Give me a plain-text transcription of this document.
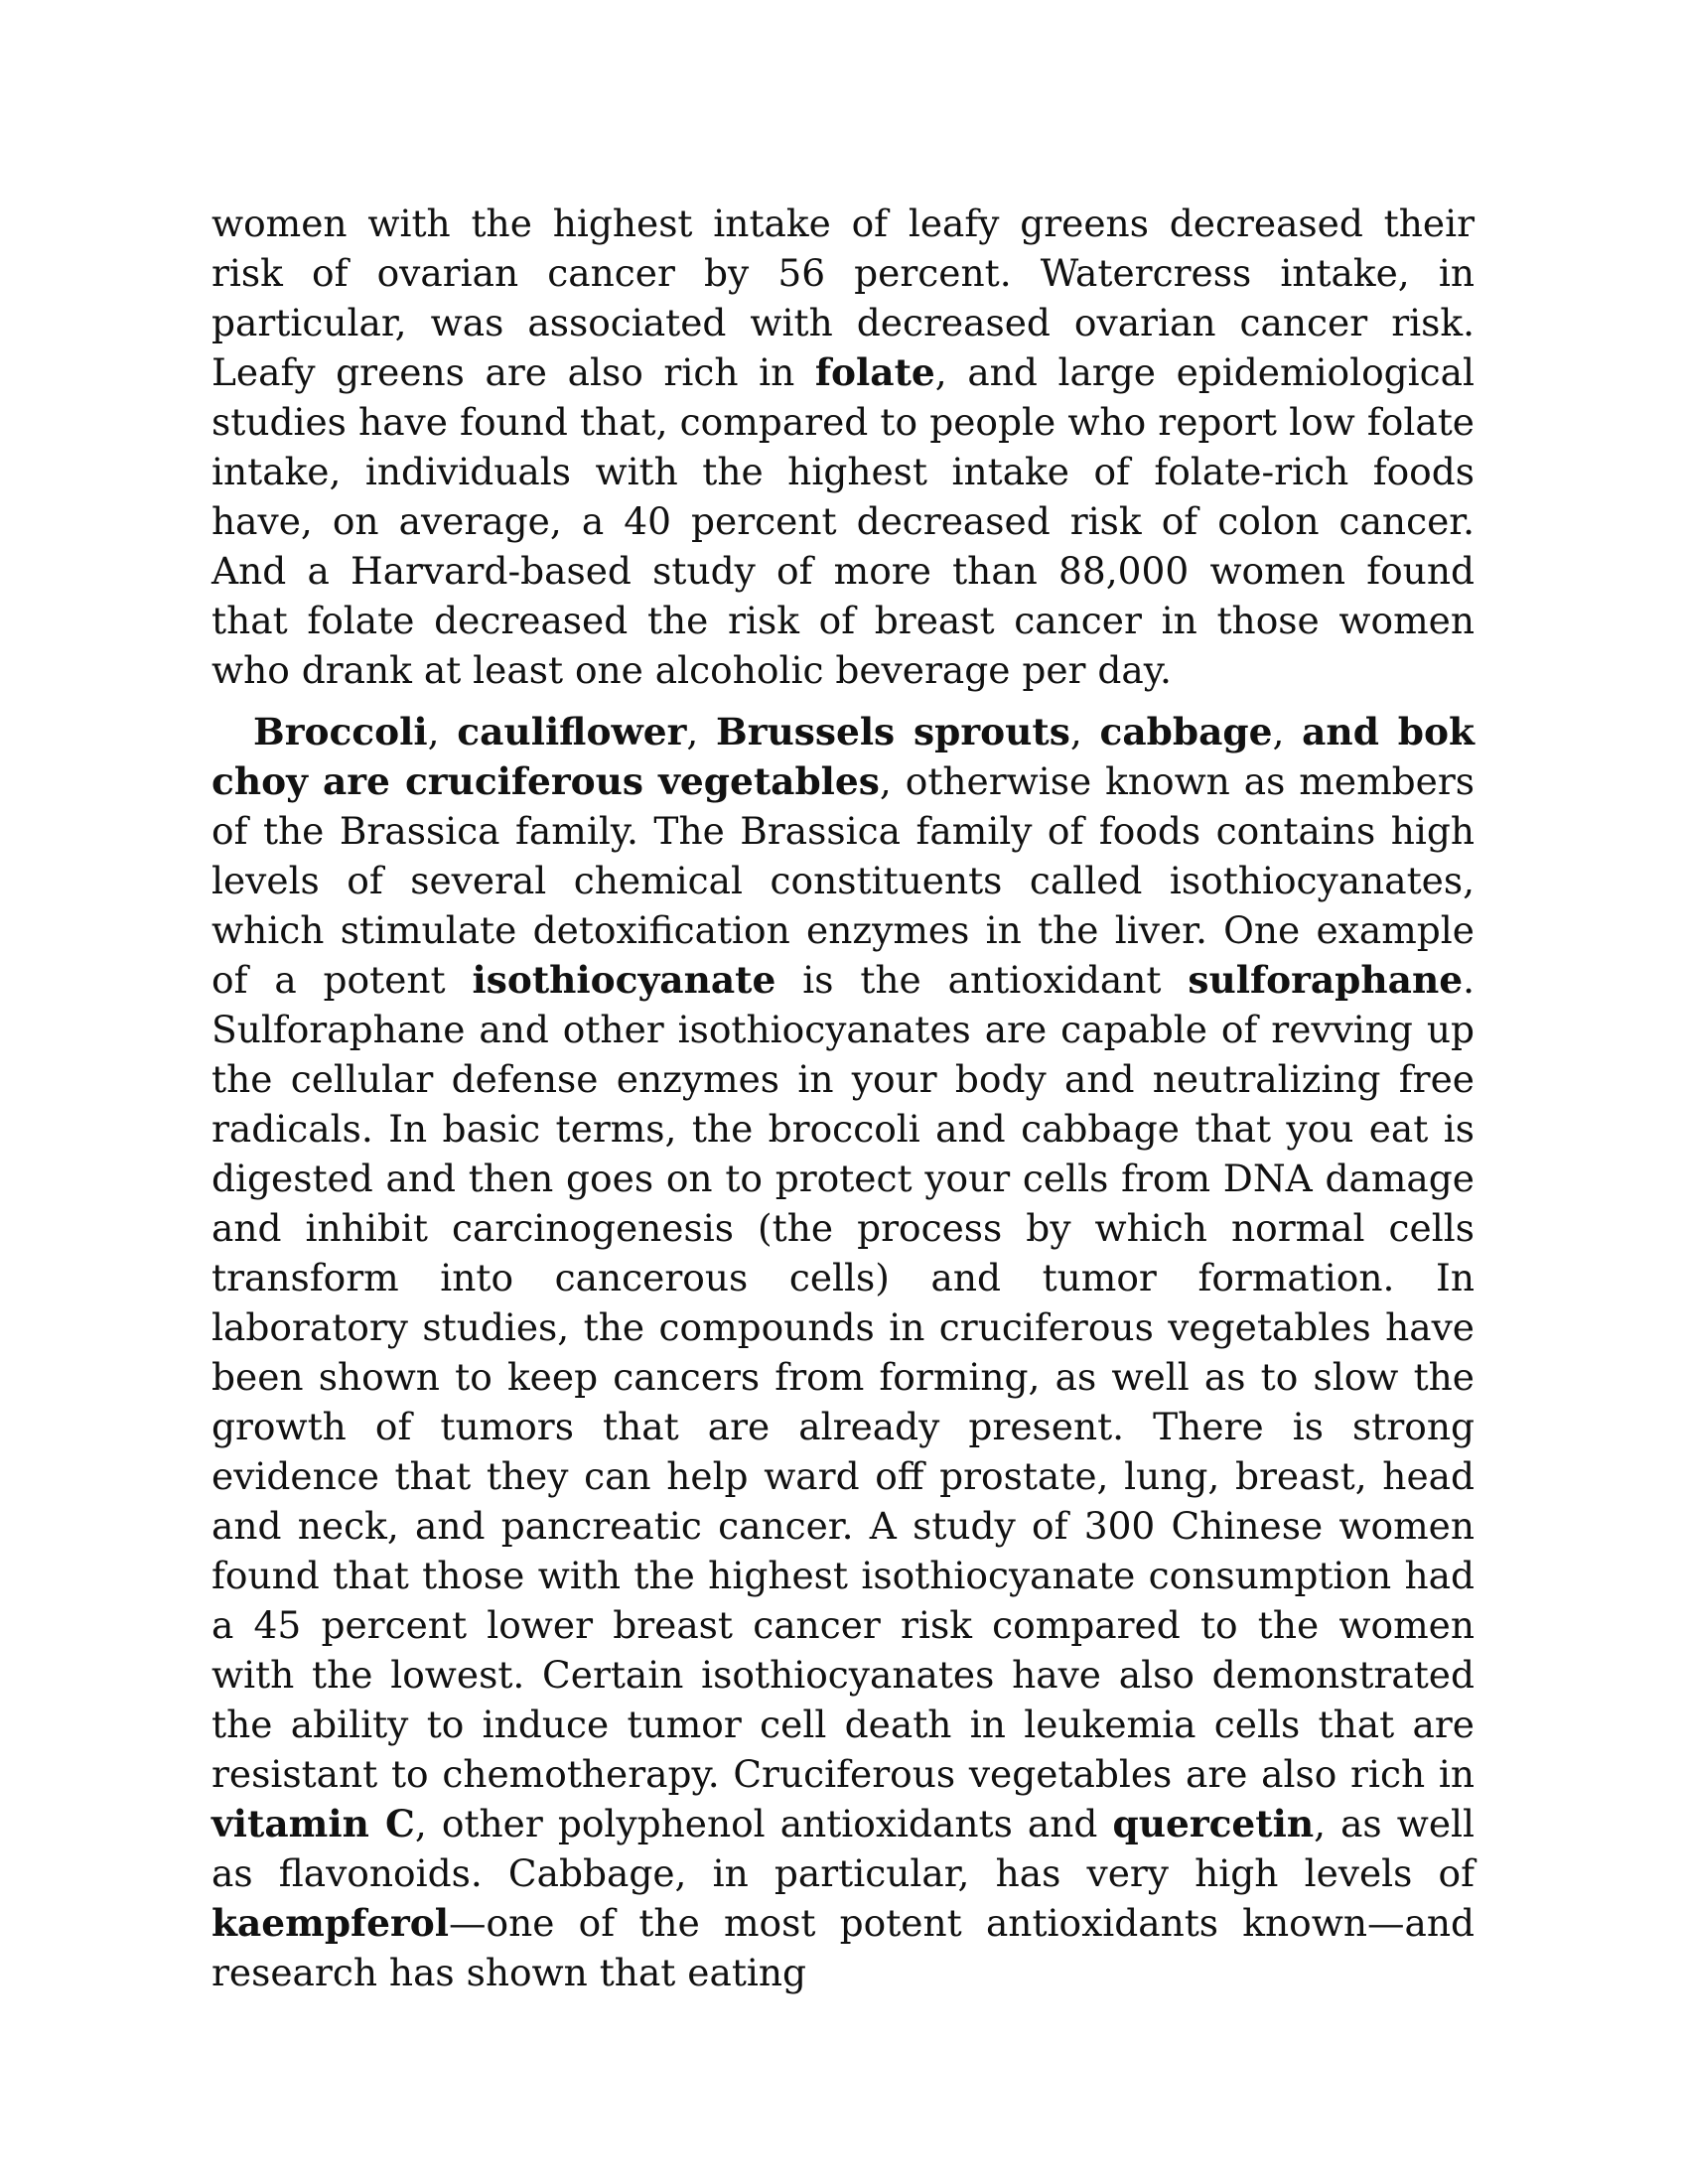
women with the highest intake of leafy greens decreased their risk of ovarian cancer by 56 percent. Watercress intake, in particular, was associated with decreased ovarian cancer risk. Leafy greens are also rich in folate, and large epidemiological studies have found that, compared to people who report low folate intake, individuals with the highest intake of folate-rich foods have, on average, a 40 percent decreased risk of colon cancer. And a Harvard-based study of more than 88,000 women found that folate decreased the risk of breast cancer in those women who drank at least one alcoholic beverage per day.

Broccoli, cauliflower, Brussels sprouts, cabbage, and bok choy are cruciferous vegetables, otherwise known as members of the Brassica family. The Brassica family of foods contains high levels of several chemical constituents called isothiocyanates, which stimulate detoxification enzymes in the liver. One example of a potent isothiocyanate is the antioxidant sulforaphane. Sulforaphane and other isothiocyanates are capable of revving up the cellular defense enzymes in your body and neutralizing free radicals. In basic terms, the broccoli and cabbage that you eat is digested and then goes on to protect your cells from DNA damage and inhibit carcinogenesis (the process by which normal cells transform into cancerous cells) and tumor formation. In laboratory studies, the compounds in cruciferous vegetables have been shown to keep cancers from forming, as well as to slow the growth of tumors that are already present. There is strong evidence that they can help ward off prostate, lung, breast, head and neck, and pancreatic cancer. A study of 300 Chinese women found that those with the highest isothiocyanate consumption had a 45 percent lower breast cancer risk compared to the women with the lowest. Certain isothiocyanates have also demonstrated the ability to induce tumor cell death in leukemia cells that are resistant to chemotherapy. Cruciferous vegetables are also rich in vitamin C, other polyphenol antioxidants and quercetin, as well as flavonoids. Cabbage, in particular, has very high levels of kaempferol—one of the most potent antioxidants known—and research has shown that eating
